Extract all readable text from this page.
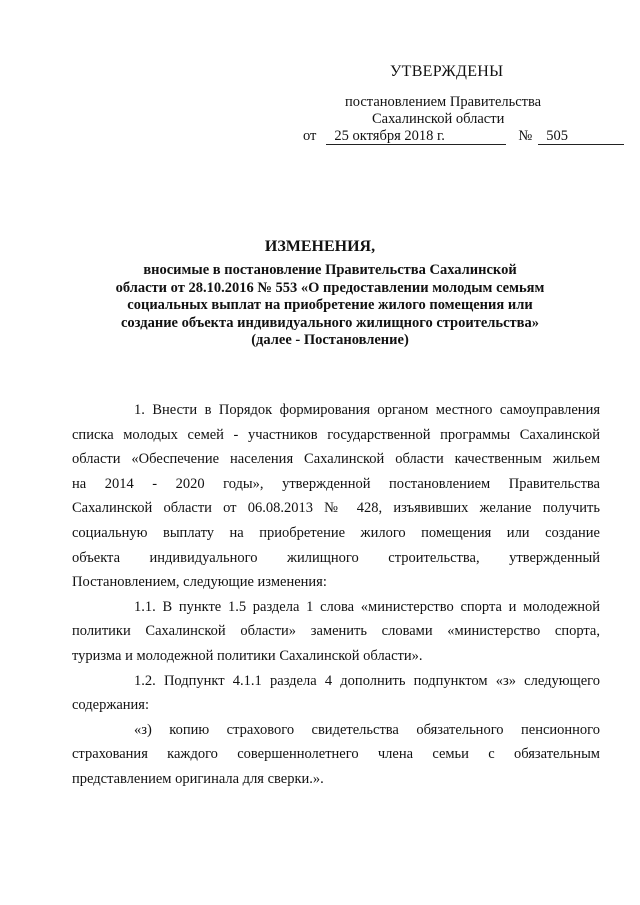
УТВЕРЖДЕНЫ
постановлением Правительства
Сахалинской области
от	25 октября 2018 г.	№ 505
ИЗМЕНЕНИЯ,
вносимые в постановление Правительства Сахалинской
области от 28.10.2016 № 553 «О предоставлении молодым семьям
социальных выплат на приобретение жилого помещения или
создание объекта индивидуального жилищного строительства»
(далее - Постановление)
1. Внести в Порядок формирования органом местного самоуправления
списка молодых семей - участников государственной программы Сахалинской
области «Обеспечение населения Сахалинской области качественным жильем
на 2014 - 2020 годы», утвержденной постановлением Правительства
Сахалинской области от 06.08.2013 № 428, изъявивших желание получить
социальную выплату на приобретение жилого помещения или создание
объекта индивидуального жилищного строительства, утвержденный
Постановлением, следующие изменения:
1.1. В пункте 1.5 раздела 1 слова «министерство спорта и молодежной
политики Сахалинской области» заменить словами «министерство спорта,
туризма и молодежной политики Сахалинской области».
1.2. Подпункт 4.1.1 раздела 4 дополнить подпунктом «з» следующего
содержания:
«з) копию страхового свидетельства обязательного пенсионного
страхования каждого совершеннолетнего члена семьи с обязательным
представлением оригинала для сверки.».
